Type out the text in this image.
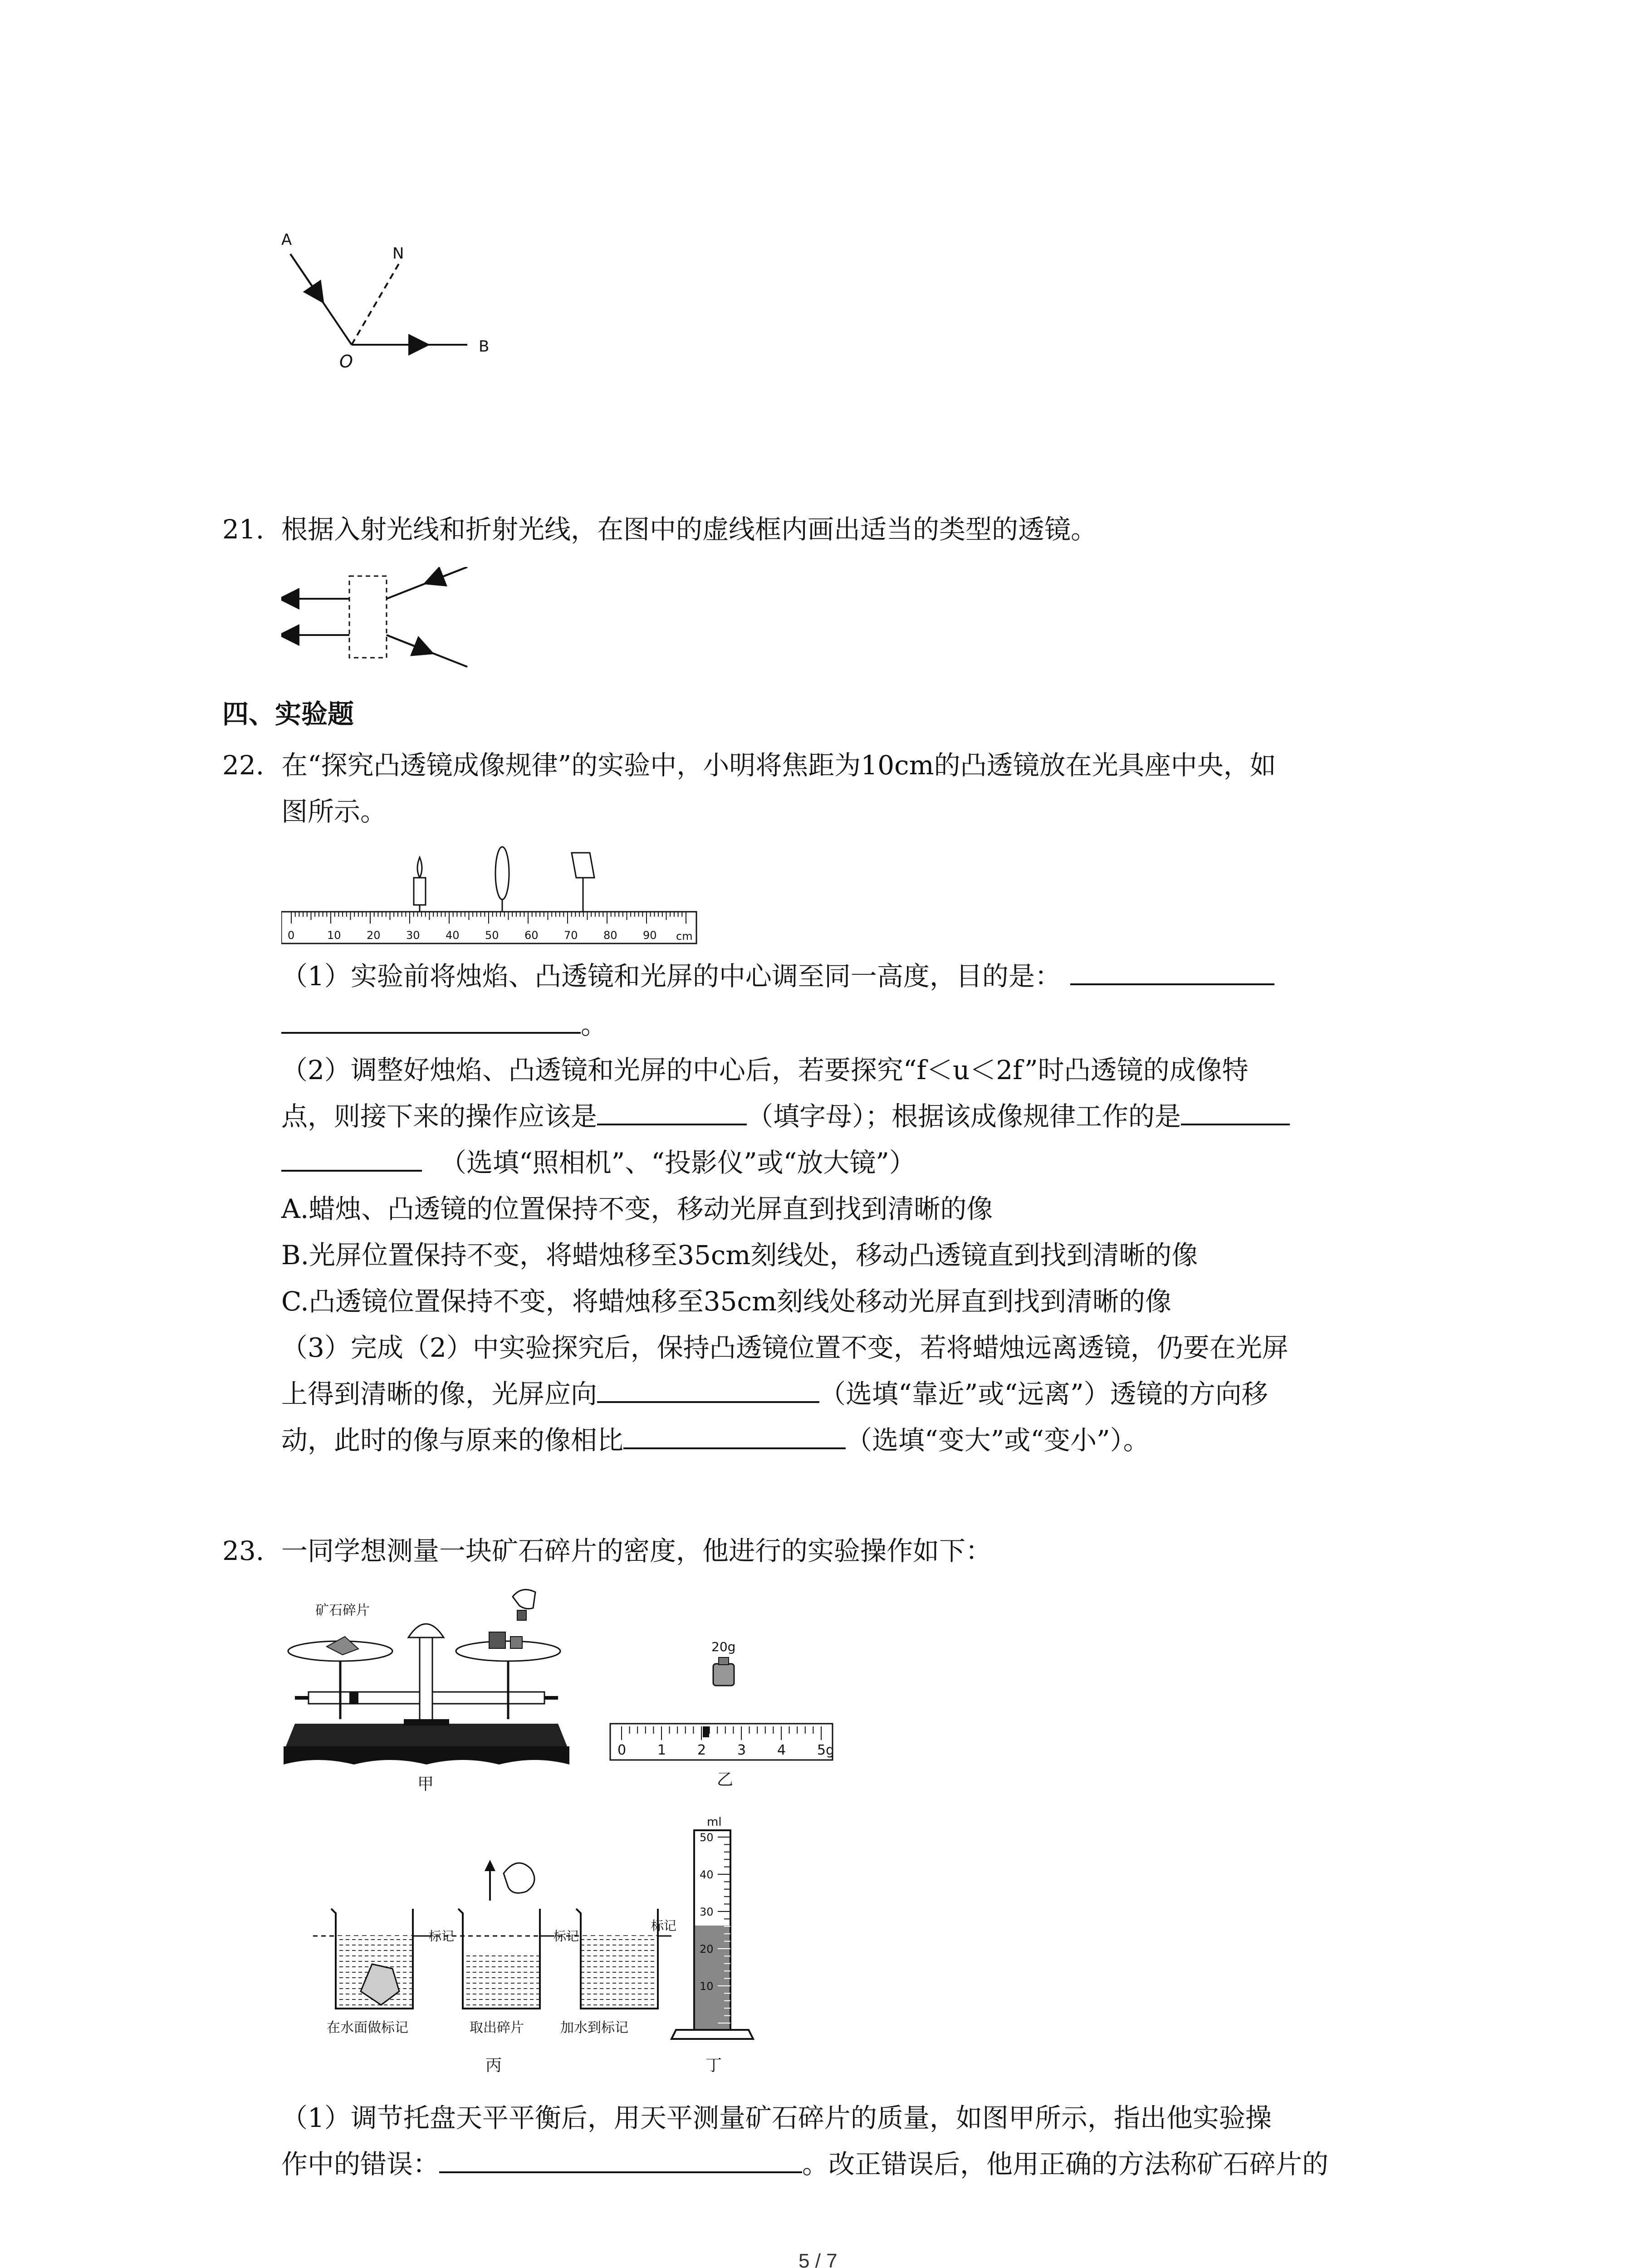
A
N
O
B
21. 根据入射光线和折射光线，在图中的虚线框内画出适当的类型的透镜。
四、实验题
22. 在“探究凸透镜成像规律”的实验中，小明将焦距为10cm的凸透镜放在光具座中央，如
图所示。
0	10 20 30 40 50 60 70 80 90 cm
（1）实验前将烛焰、凸透镜和光屏的中心调至同一高度，目的是：
。
（2）调整好烛焰、凸透镜和光屏的中心后，若要探究“f＜u＜2f”时凸透镜的成像特
点，则接下来的操作应该是	（填字母）；根据该成像规律工作的是
（选填“照相机”、“投影仪”或“放大镜”）
A.蜡烛、凸透镜的位置保持不变，移动光屏直到找到清晰的像
B.光屏位置保持不变，将蜡烛移至35cm刻线处，移动凸透镜直到找到清晰的像
C.凸透镜位置保持不变，将蜡烛移至35cm刻线处移动光屏直到找到清晰的像
（3）完成（2）中实验探究后，保持凸透镜位置不变，若将蜡烛远离透镜，仍要在光屏
上得到清晰的像，光屏应向	（选填“靠近”或“远离”）透镜的方向移
动，此时的像与原来的像相比	（选填“变大”或“变小”）。
23. 一同学想测量一块矿石碎片的密度，他进行的实验操作如下：
矿石碎片
甲
20g
0 1 2 3 4 5g
乙
标记	标记
标记
在水面做标记	取出碎片	加水到标记
丙
ml
50
40
30
20
10
丁
（1）调节托盘天平平衡后，用天平测量矿石碎片的质量，如图甲所示，指出他实验操
作中的错误：	。改正错误后，他用正确的方法称矿石碎片的
5 / 7
